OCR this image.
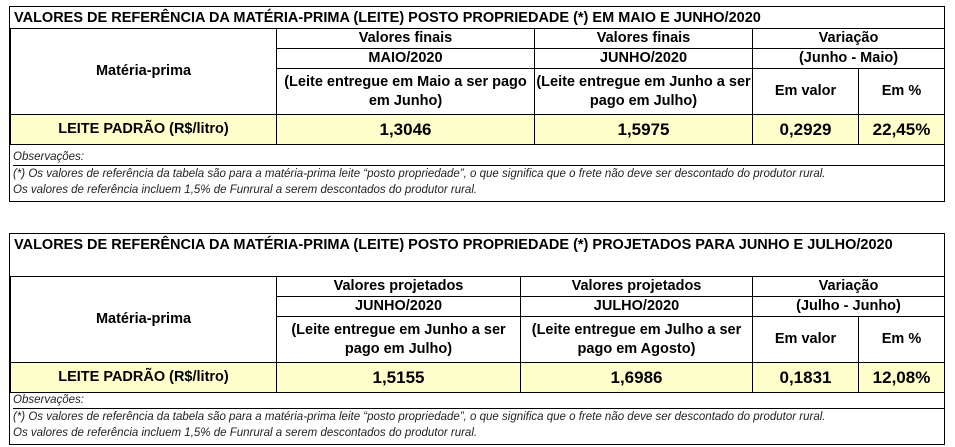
VALORES DE REFERÊNCIA DA MATÉRIA-PRIMA (LEITE) POSTO PROPRIEDADE (*) EM MAIO E JUNHO/2020
Matéria-prima	Valores finais	Valores finais	Variação	
	MAIO/2020	JUNHO/2020	(Junho - Maio)	
	(Leite entregue em Maio a ser pago em Junho)	(Leite entregue em Junho a ser pago em Julho)	Em valor	Em %
LEITE PADRÃO (R$/litro)	1,3046	1,5975	0,2929	22,45%
Observações:
(*) Os valores de referência da tabela são para a matéria-prima leite “posto propriedade”, o que significa que o frete não deve ser descontado do produtor rural.
Os valores de referência incluem 1,5% de Funrural a serem descontados do produtor rural.
VALORES DE REFERÊNCIA DA MATÉRIA-PRIMA (LEITE) POSTO PROPRIEDADE (*) PROJETADOS PARA JUNHO E JULHO/2020
Matéria-prima	Valores projetados	Valores projetados	Variação	
	JUNHO/2020	JULHO/2020	(Julho - Junho)	
	(Leite entregue em Junho a ser pago em Julho)	(Leite entregue em Julho a ser pago em Agosto)	Em valor	Em %
LEITE PADRÃO (R$/litro)	1,5155	1,6986	0,1831	12,08%
Observações:
(*) Os valores de referência da tabela são para a matéria-prima leite “posto propriedade”, o que significa que o frete não deve ser descontado do produtor rural.
Os valores de referência incluem 1,5% de Funrural a serem descontados do produtor rural.
